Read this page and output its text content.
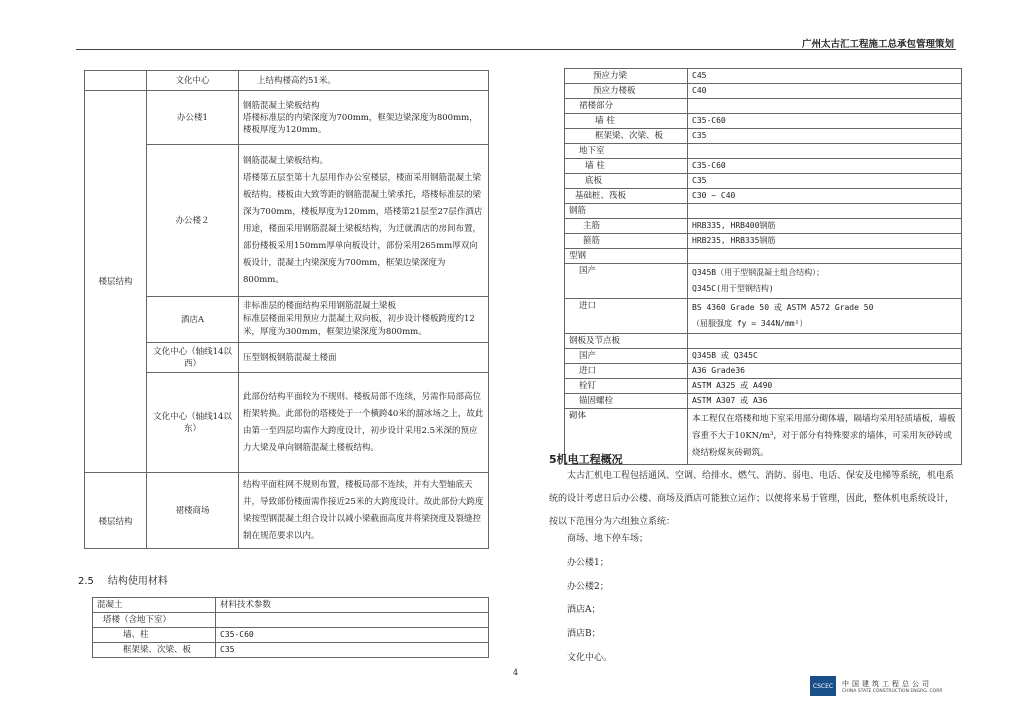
广州太古汇工程施工总承包管理策划
	文化中心	上结构楼高约51米。
楼层结构	办公楼1	钢筋混凝土梁板结构
塔楼标准层的内梁深度为700mm，框架边梁深度为800mm，楼板厚度为120mm。
	办公楼２	钢筋混凝土梁板结构。
塔楼第五层至第十九层用作办公室楼层，楼面采用钢筋混凝土梁板结构。楼板由大致等距的钢筋混凝土梁承托，塔楼标准层的梁深为700mm，楼板厚度为120mm，塔楼第21层至27层作酒店用途，楼面采用钢筋混凝土梁板结构，为迁就酒店的房间布置，部份楼板采用150mm厚单向板设计，部份采用265mm厚双向板设计，混凝土内梁深度为700mm，框架边梁深度为800mm。
	酒店A	非标准层的楼面结构采用钢筋混凝土梁板
标准层楼面采用预应力混凝土双向板，初步设计楼板跨度约12米，厚度为300mm，框架边梁深度为800mm。
	文化中心（轴线14以西）	压型钢板钢筋混凝土楼面
	文化中心（轴线14以东）	此部份结构平面较为不规则、楼板局部不连续，另需作局部高位桁架转换。此部份的塔楼处于一个横跨40米的溜冰场之上，故此由第一至四层均需作大跨度设计，初步设计采用2.5米深的预应力大梁及单向钢筋混凝土楼板结构。
楼层结构	裙楼商场	结构平面柱网不规则布置，楼板局部不连续，并有大型轴底天井，导致部份楼面需作接近25米的大跨度设计。故此部份大跨度梁按型钢混凝土组合设计以减小梁截面高度并将梁挠度及裂缝控制在规范要求以内。
2.5 结构使用材料
混凝土	材料技术参数
塔楼（含地下室）	
墙、柱	C35-C60
框架梁、次梁、板	C35
预应力梁	C45
预应力楼板	C40
裙楼部分	
墙 柱	C35-C60
框架梁、次梁、板	C35
地下室	
墙 柱	C35-C60
底板	C35
基础桩、筏板	C30 ~ C40
钢筋	
主筋	HRB335, HRB400钢筋
箍筋	HRB235, HRB335钢筋
型钢	
国产	Q345B（用于型钢混凝土组合结构）；
Q345C(用于型钢结构)
进口	BS 4360 Grade 50 或 ASTM A572 Grade 50
（屈服强度 fy = 344N/mm²）
钢板及节点板	
国产	Q345B 或 Q345C
进口	A36 Grade36
栓钉	ASTM A325 或 A490
锚固螺栓	ASTM A307 或 A36
砌体	本工程仅在塔楼和地下室采用部分砌体墙，隔墙均采用轻质墙板，墙板容重不大于10KN/m³，对于部分有特殊要求的墙体，可采用灰砂砖或烧结粉煤灰砖砌筑。
5机电工程概况

太古汇机电工程包括通风、空调、给排水、燃气、消防、弱电、电话、保安及电梯等系统，机电系统的设计考虑日后办公楼、商场及酒店可能独立运作；以便将来易于管理，因此，整体机电系统设计，按以下范围分为六组独立系统：

商场、地下停车场；
办公楼1；
办公楼2；
酒店A；
酒店B；
文化中心。
4
CSCEC	中国建筑工程总公司
CHINA STATE CONSTRUCTION ENGRG. CORP.
